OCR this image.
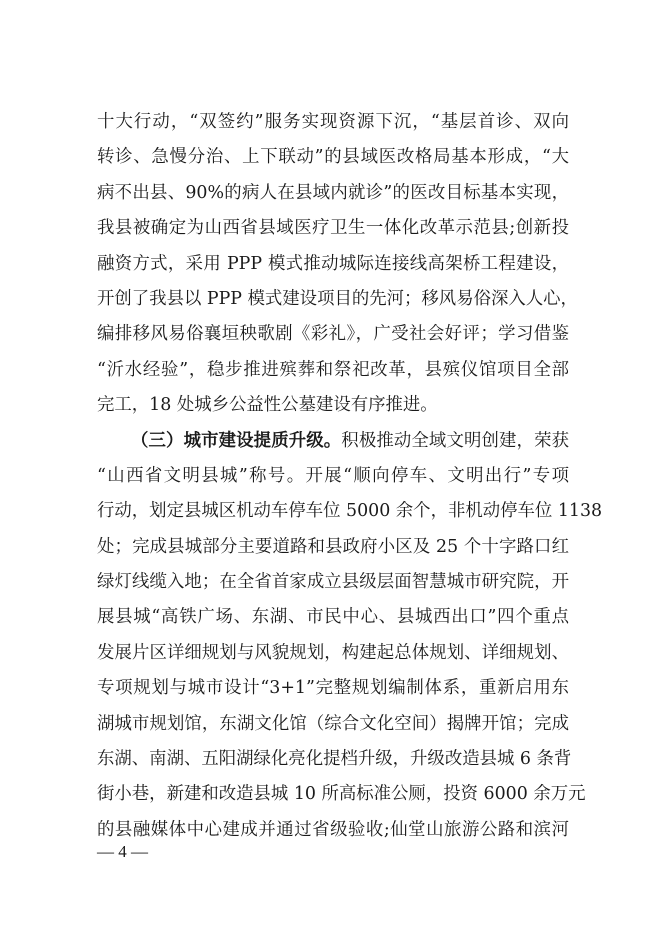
十大行动，“双签约”服务实现资源下沉，“基层首诊、双向
转诊、急慢分治、上下联动”的县域医改格局基本形成，“大
病不出县、90%的病人在县域内就诊”的医改目标基本实现，
我县被确定为山西省县域医疗卫生一体化改革示范县;创新投
融资方式，采用 PPP 模式推动城际连接线高架桥工程建设，
开创了我县以 PPP 模式建设项目的先河；移风易俗深入人心，
编排移风易俗襄垣秧歌剧《彩礼》，广受社会好评；学习借鉴
“沂水经验”，稳步推进殡葬和祭祀改革，县殡仪馆项目全部
完工，18 处城乡公益性公墓建设有序推进。
（三）城市建设提质升级。积极推动全域文明创建，荣获
“山西省文明县城”称号。开展“顺向停车、文明出行”专项
行动，划定县城区机动车停车位 5000 余个，非机动停车位 1138
处；完成县城部分主要道路和县政府小区及 25 个十字路口红
绿灯线缆入地；在全省首家成立县级层面智慧城市研究院，开
展县城“高铁广场、东湖、市民中心、县城西出口”四个重点
发展片区详细规划与风貌规划，构建起总体规划、详细规划、
专项规划与城市设计“3+1”完整规划编制体系，重新启用东
湖城市规划馆，东湖文化馆（综合文化空间）揭牌开馆；完成
东湖、南湖、五阳湖绿化亮化提档升级，升级改造县城 6 条背
街小巷，新建和改造县城 10 所高标准公厕，投资 6000 余万元
的县融媒体中心建成并通过省级验收;仙堂山旅游公路和滨河
— 4 —
